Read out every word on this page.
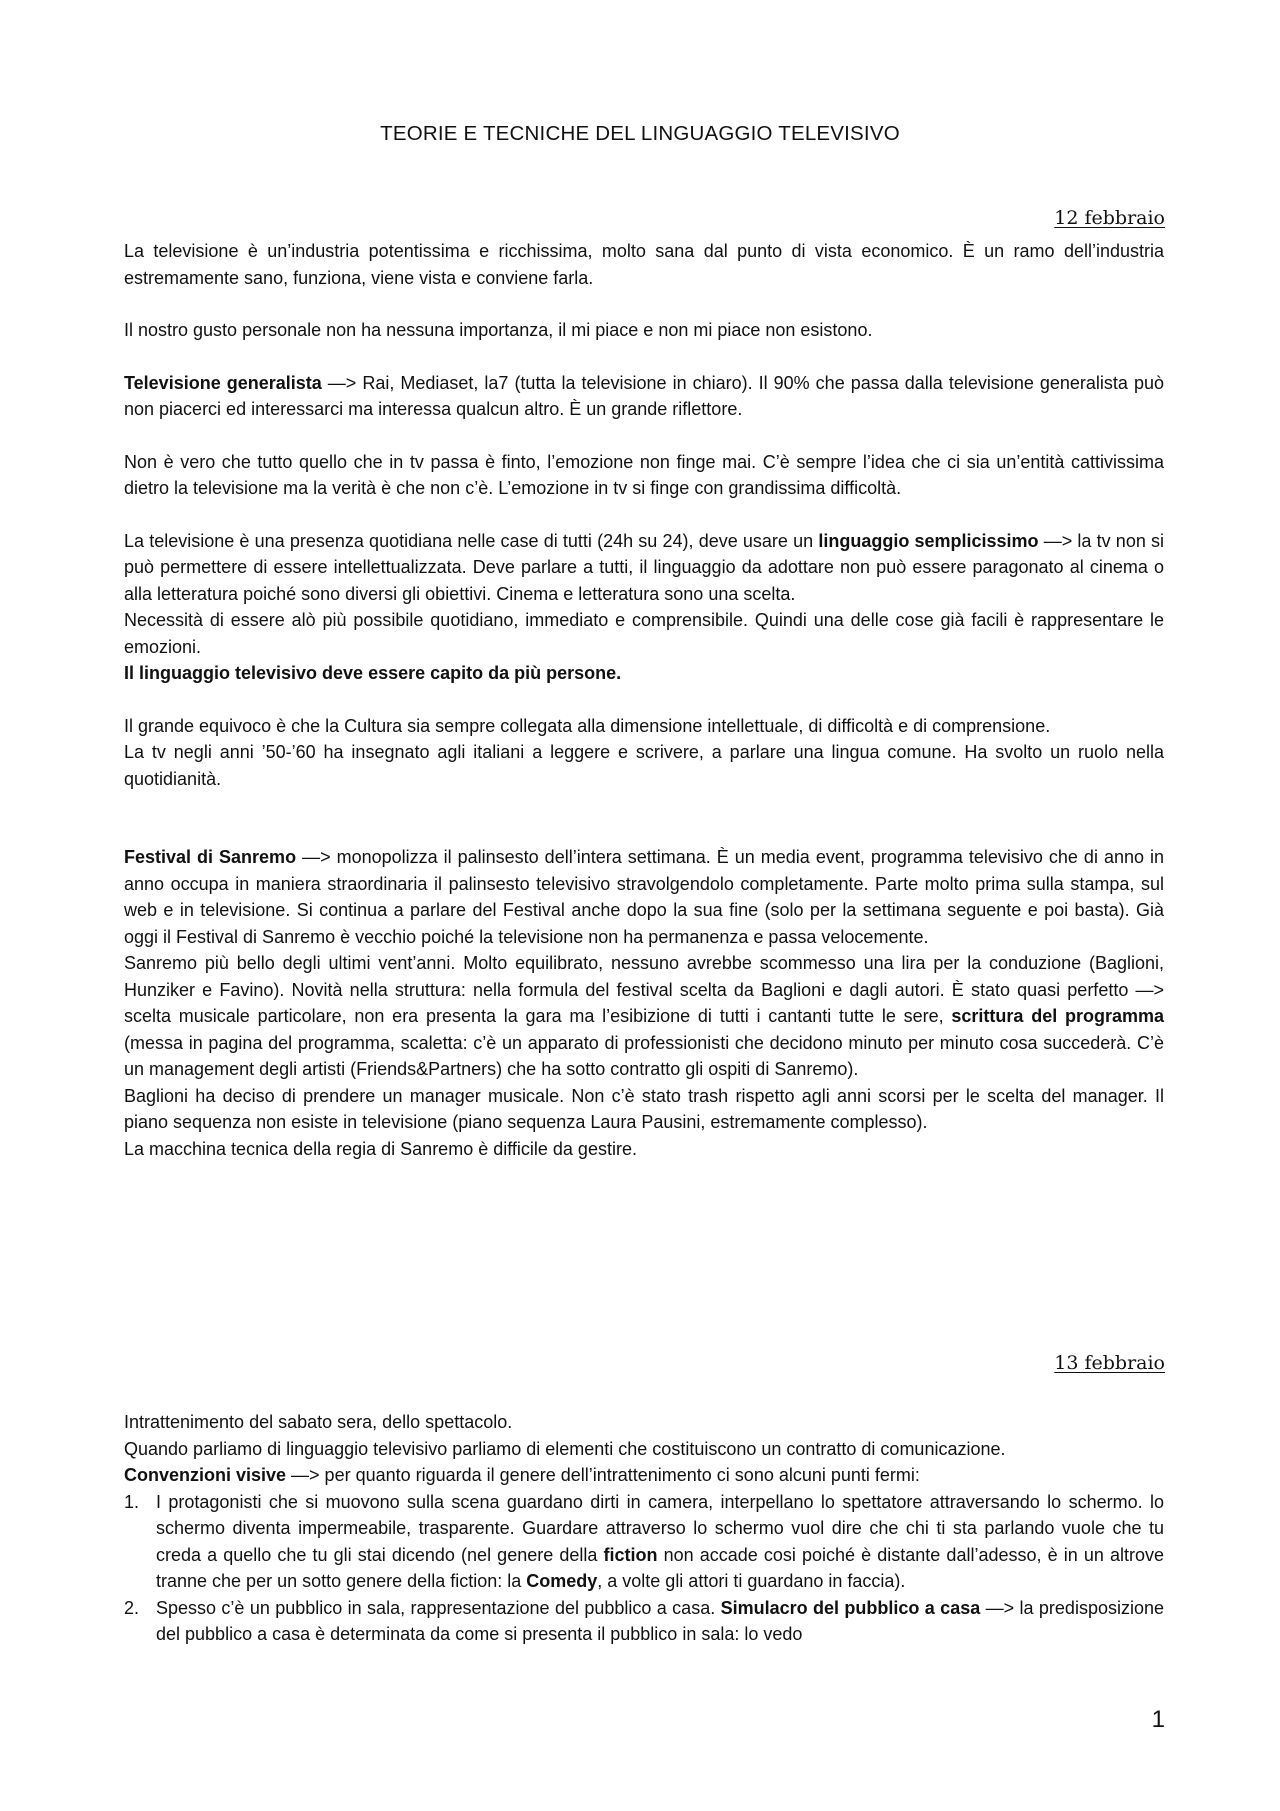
TEORIE E TECNICHE DEL LINGUAGGIO TELEVISIVO
12 febbraio

La televisione è un’industria potentissima e ricchissima, molto sana dal punto di vista economico. È un ramo dell’industria estremamente sano, funziona, viene vista e conviene farla.

Il nostro gusto personale non ha nessuna importanza, il mi piace e non mi piace non esistono.

Televisione generalista —> Rai, Mediaset, la7 (tutta la televisione in chiaro). Il 90% che passa dalla televisione generalista può non piacerci ed interessarci ma interessa qualcun altro. È un grande riflettore.

Non è vero che tutto quello che in tv passa è finto, l’emozione non finge mai. C’è sempre l’idea che ci sia un’entità cattivissima dietro la televisione ma la verità è che non c’è. L’emozione in tv si finge con grandissima difficoltà.

La televisione è una presenza quotidiana nelle case di tutti (24h su 24), deve usare un linguaggio semplicissimo —> la tv non si può permettere di essere intellettualizzata. Deve parlare a tutti, il linguaggio da adottare non può essere paragonato al cinema o alla letteratura poiché sono diversi gli obiettivi. Cinema e letteratura sono una scelta.

Necessità di essere alò più possibile quotidiano, immediato e comprensibile. Quindi una delle cose già facili è rappresentare le emozioni.

Il linguaggio televisivo deve essere capito da più persone.

Il grande equivoco è che la Cultura sia sempre collegata alla dimensione intellettuale, di difficoltà e di comprensione.

La tv negli anni ’50-’60 ha insegnato agli italiani a leggere e scrivere, a parlare una lingua comune. Ha svolto un ruolo nella quotidianità.

Festival di Sanremo —> monopolizza il palinsesto dell’intera settimana. È un media event, programma televisivo che di anno in anno occupa in maniera straordinaria il palinsesto televisivo stravolgendolo completamente. Parte molto prima sulla stampa, sul web e in televisione. Si continua a parlare del Festival anche dopo la sua fine (solo per la settimana seguente e poi basta). Già oggi il Festival di Sanremo è vecchio poiché la televisione non ha permanenza e passa velocemente.

Sanremo più bello degli ultimi vent’anni. Molto equilibrato, nessuno avrebbe scommesso una lira per la conduzione (Baglioni, Hunziker e Favino). Novità nella struttura: nella formula del festival scelta da Baglioni e dagli autori. È stato quasi perfetto —> scelta musicale particolare, non era presenta la gara ma l’esibizione di tutti i cantanti tutte le sere, scrittura del programma (messa in pagina del programma, scaletta: c’è un apparato di professionisti che decidono minuto per minuto cosa succederà. C’è un management degli artisti (Friends&Partners) che ha sotto contratto gli ospiti di Sanremo).

Baglioni ha deciso di prendere un manager musicale. Non c’è stato trash rispetto agli anni scorsi per le scelta del manager. Il piano sequenza non esiste in televisione (piano sequenza Laura Pausini, estremamente complesso).

La macchina tecnica della regia di Sanremo è difficile da gestire.

13 febbraio

Intrattenimento del sabato sera, dello spettacolo.

Quando parliamo di linguaggio televisivo parliamo di elementi che costituiscono un contratto di comunicazione.

Convenzioni visive —> per quanto riguarda il genere dell’intrattenimento ci sono alcuni punti fermi:

1. I protagonisti che si muovono sulla scena guardano dirti in camera, interpellano lo spettatore attraversando lo schermo. lo schermo diventa impermeabile, trasparente. Guardare attraverso lo schermo vuol dire che chi ti sta parlando vuole che tu creda a quello che tu gli stai dicendo (nel genere della fiction non accade cosi poiché è distante dall’adesso, è in un altrove tranne che per un sotto genere della fiction: la Comedy, a volte gli attori ti guardano in faccia).
2. Spesso c’è un pubblico in sala, rappresentazione del pubblico a casa. Simulacro del pubblico a casa —> la predisposizione del pubblico a casa è determinata da come si presenta il pubblico in sala: lo vedo
1
